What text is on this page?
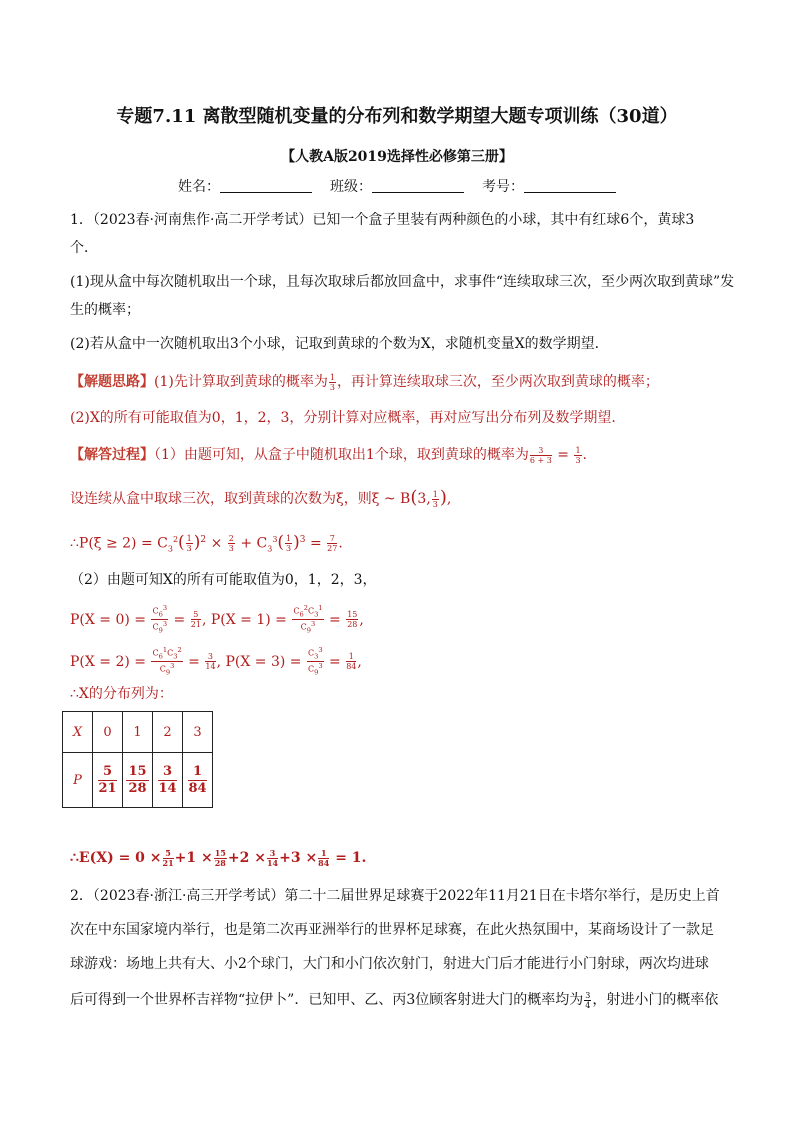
专题7.11 离散型随机变量的分布列和数学期望大题专项训练（30道）
【人教A版2019选择性必修第三册】
姓名：	班级：	考号：
1．（2023春·河南焦作·高二开学考试）已知一个盒子里装有两种颜色的小球，其中有红球6个，黄球3
个．
(1)现从盒中每次随机取出一个球，且每次取球后都放回盒中，求事件“连续取球三次，至少两次取到黄球”发
生的概率；
(2)若从盒中一次随机取出3个小球，记取到黄球的个数为X，求随机变量X的数学期望．
【解题思路】(1)先计算取到黄球的概率为 $\frac{1}{3}$ ，再计算连续取球三次，至少两次取到黄球的概率；
(2)X的所有可能取值为0，1，2，3，分别计算对应概率，再对应写出分布列及数学期望．
【解答过程】（1）由题可知，从盒子中随机取出1个球，取到黄球的概率为 $\frac{3}{6 + 3} = \frac{1}{3}$ .
设连续从盒中取球三次，取到黄球的次数为ξ，则ξ ~ B(3, $\frac{1}{3}$ ),
∴P(ξ ≥ $2) = C_3^2( \frac{1}{3} )^2 \times \frac{2}{3} + C_3^3( \frac{1}{3} )^3 = \frac{7}{27}$ .
（2）由题可知X的所有可能取值为0，1，2，3，
$P(X = 0) = \frac{C_6^3}{C_9^3} = \frac{5}{21}$ , $P(X = 1) = \frac{C_6^2C_3^1}{C_9^3} = \frac{15}{28}$ ,
$P(X = 2) = \frac{C_6^1C_3^2}{C_9^3} = \frac{3}{14}$ , $P(X = 3) = \frac{C_3^3}{C_9^3} = \frac{1}{84}$ ,
∴X的分布列为：
X	0	1	2	3
P	$\frac{5}{21}$	$\frac{15}{28}$	$\frac{3}{14}$	$\frac{1}{84}$
∴E(X) = $0 \times \frac{5}{21} +1 \times \frac{15}{28} +2 \times \frac{3}{14} +3 \times \frac{1}{84} = 1$.
2．（2023春·浙江·高三开学考试）第二十二届世界足球赛于2022年11月21日在卡塔尔举行，是历史上首
次在中东国家境内举行，也是第二次再亚洲举行的世界杯足球赛，在此火热氛围中，某商场设计了一款足
球游戏：场地上共有大、小2个球门，大门和小门依次射门，射进大门后才能进行小门射球，两次均进球
后可得到一个世界杯吉祥物“拉伊卜”．已知甲、乙、丙3位顾客射进大门的概率均为 $\frac{3}{4}$ ，射进小门的概率依
